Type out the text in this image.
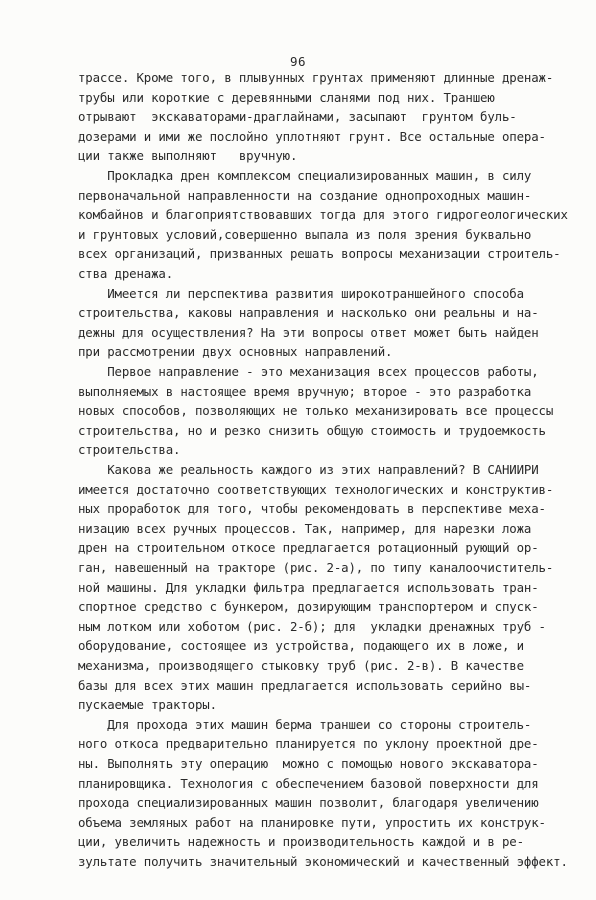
96
трассе. Кроме того, в плывунных грунтах применяют длинные дренаж-
трубы или короткие с деревянными сланями под них. Траншею
отрывают  экскаваторами-драглайнами, засыпают  грунтом буль-
дозерами и ими же послойно уплотняют грунт. Все остальные опера-
ции также выполняют   вручную.
Прокладка дрен комплексом специализированных машин, в силу
первоначальной направленности на создание однопроходных машин-
комбайнов и благоприятствовавших тогда для этого гидрогеологических
и грунтовых условий,совершенно выпала из поля зрения буквально
всех организаций, призванных решать вопросы механизации строитель-
ства дренажа.
Имеется ли перспектива развития широкотраншейного способа
строительства, каковы направления и насколько они реальны и на-
дежны для осуществления? На эти вопросы ответ может быть найден
при рассмотрении двух основных направлений.
Первое направление - это механизация всех процессов работы,
выполняемых в настоящее время вручную; второе - это разработка
новых способов, позволяющих не только механизировать все процессы
строительства, но и резко снизить общую стоимость и трудоемкость
строительства.
Какова же реальность каждого из этих направлений? В САНИИРИ
имеется достаточно соответствующих технологических и конструктив-
ных проработок для того, чтобы рекомендовать в перспективе меха-
низацию всех ручных процессов. Так, например, для нарезки ложа
дрен на строительном откосе предлагается ротационный рующий ор-
ган, навешенный на тракторе (рис. 2-а), по типу каналоочиститель-
ной машины. Для укладки фильтра предлагается использовать тран-
спортное средство с бункером, дозирующим транспортером и спуск-
ным лотком или хоботом (рис. 2-б); для  укладки дренажных труб -
оборудование, состоящее из устройства, подающего их в ложе, и
механизма, производящего стыковку труб (рис. 2-в). В качестве
базы для всех этих машин предлагается использовать серийно вы-
пускаемые тракторы.
Для прохода этих машин берма траншеи со стороны строитель-
ного откоса предварительно планируется по уклону проектной дре-
ны. Выполнять эту операцию  можно с помощью нового экскаватора-
планировщика. Технология с обеспечением базовой поверхности для
прохода специализированных машин позволит, благодаря увеличению
объема земляных работ на планировке пути, упростить их конструк-
ции, увеличить надежность и производительность каждой и в ре-
зультате получить значительный экономический и качественный эффект.
